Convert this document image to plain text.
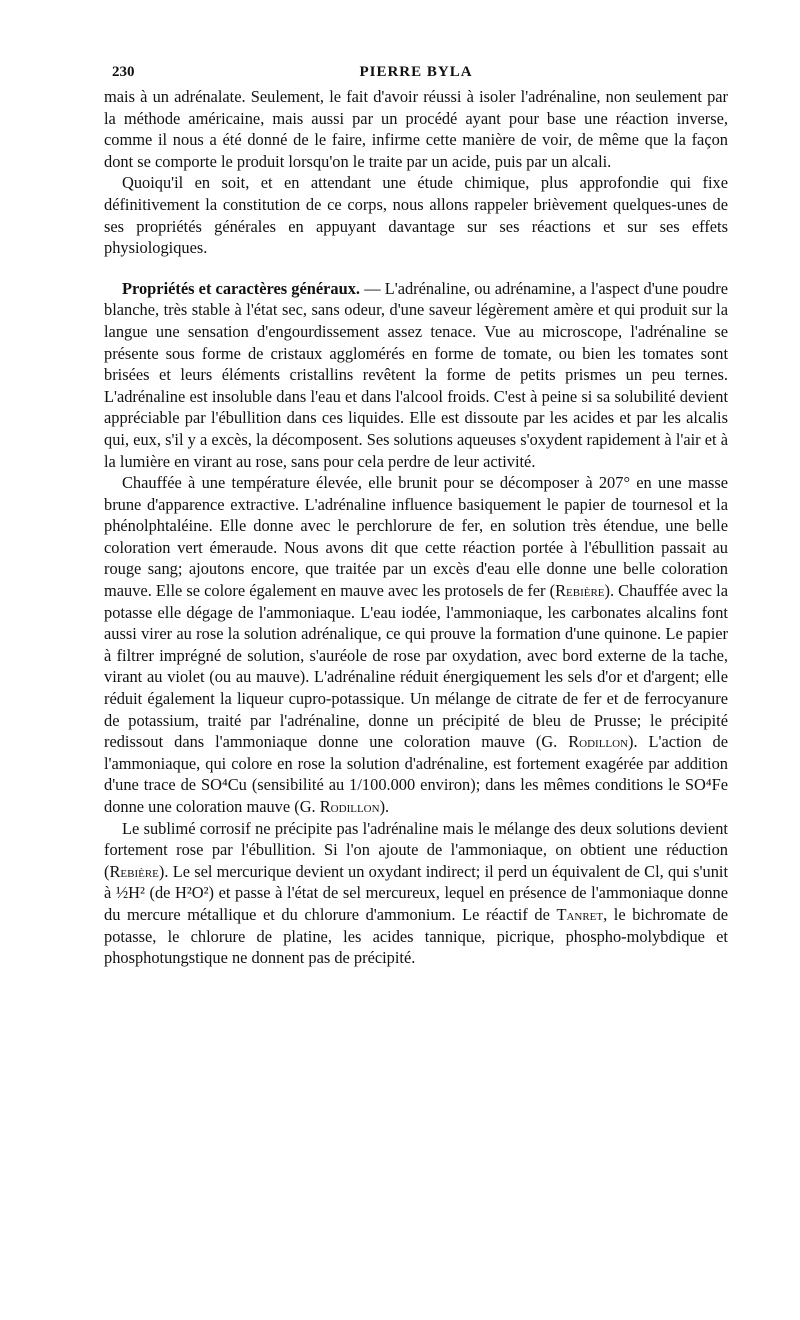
230	PIERRE BYLA

mais à un adrénalate. Seulement, le fait d'avoir réussi à isoler l'adrénaline, non seulement par la méthode américaine, mais aussi par un procédé ayant pour base une réaction inverse, comme il nous a été donné de le faire, infirme cette manière de voir, de même que la façon dont se comporte le produit lorsqu'on le traite par un acide, puis par un alcali.

Quoiqu'il en soit, et en attendant une étude chimique, plus approfondie qui fixe définitivement la constitution de ce corps, nous allons rappeler brièvement quelques-unes de ses propriétés générales en appuyant davantage sur ses réactions et sur ses effets physiologiques.

Propriétés et caractères généraux. — L'adrénaline, ou adrénamine, a l'aspect d'une poudre blanche, très stable à l'état sec, sans odeur, d'une saveur légèrement amère et qui produit sur la langue une sensation d'engourdissement assez tenace. Vue au microscope, l'adrénaline se présente sous forme de cristaux agglomérés en forme de tomate, ou bien les tomates sont brisées et leurs éléments cristallins revêtent la forme de petits prismes un peu ternes. L'adrénaline est insoluble dans l'eau et dans l'alcool froids. C'est à peine si sa solubilité devient appréciable par l'ébullition dans ces liquides. Elle est dissoute par les acides et par les alcalis qui, eux, s'il y a excès, la décomposent. Ses solutions aqueuses s'oxydent rapidement à l'air et à la lumière en virant au rose, sans pour cela perdre de leur activité.

Chauffée à une température élevée, elle brunit pour se décomposer à 207° en une masse brune d'apparence extractive. L'adrénaline influence basiquement le papier de tournesol et la phénolphtaléine. Elle donne avec le perchlorure de fer, en solution très étendue, une belle coloration vert émeraude. Nous avons dit que cette réaction portée à l'ébullition passait au rouge sang; ajoutons encore, que traitée par un excès d'eau elle donne une belle coloration mauve. Elle se colore également en mauve avec les protosels de fer (Rebière). Chauffée avec la potasse elle dégage de l'ammoniaque. L'eau iodée, l'ammoniaque, les carbonates alcalins font aussi virer au rose la solution adrénalique, ce qui prouve la formation d'une quinone. Le papier à filtrer imprégné de solution, s'auréole de rose par oxydation, avec bord externe de la tache, virant au violet (ou au mauve). L'adrénaline réduit énergiquement les sels d'or et d'argent; elle réduit également la liqueur cupro-potassique. Un mélange de citrate de fer et de ferrocyanure de potassium, traité par l'adrénaline, donne un précipité de bleu de Prusse; le précipité redissout dans l'ammoniaque donne une coloration mauve (G. Rodillon). L'action de l'ammoniaque, qui colore en rose la solution d'adrénaline, est fortement exagérée par addition d'une trace de SO⁴Cu (sensibilité au 1/100.000 environ); dans les mêmes conditions le SO⁴Fe donne une coloration mauve (G. Rodillon).

Le sublimé corrosif ne précipite pas l'adrénaline mais le mélange des deux solutions devient fortement rose par l'ébullition. Si l'on ajoute de l'ammoniaque, on obtient une réduction (Rebière). Le sel mercurique devient un oxydant indirect; il perd un équivalent de Cl, qui s'unit à ½H² (de H²O²) et passe à l'état de sel mercureux, lequel en présence de l'ammoniaque donne du mercure métallique et du chlorure d'ammonium. Le réactif de Tanret, le bichromate de potasse, le chlorure de platine, les acides tannique, picrique, phospho-molybdique et phosphotungstique ne donnent pas de précipité.
